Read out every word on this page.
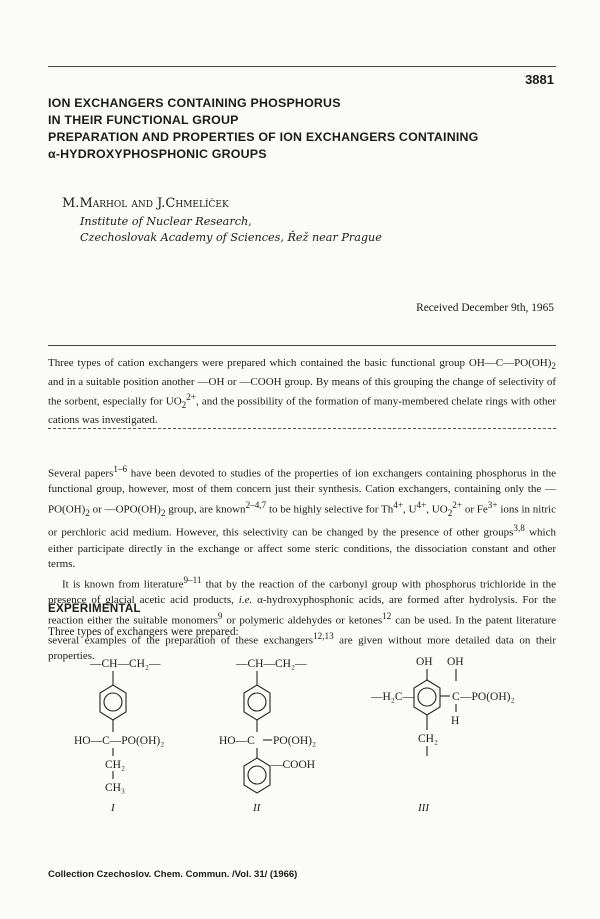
3881
ION EXCHANGERS CONTAINING PHOSPHORUS
IN THEIR FUNCTIONAL GROUP
PREPARATION AND PROPERTIES OF ION EXCHANGERS CONTAINING
α-HYDROXYPHOSPHONIC GROUPS
M.Marhol and J.Chmelíček
Institute of Nuclear Research,
Czechoslovak Academy of Sciences, Řež near Prague
Received December 9th, 1965
Three types of cation exchangers were prepared which contained the basic functional group $OH—C—PO(OH)_2$ and in a suitable position another —OH or —COOH group. By means of this grouping the change of selectivity of the sorbent, especially for $UO_2^{2+}$, and the possibility of the formation of many-membered chelate rings with other cations was investigated.

Several papers$^{1-6}$ have been devoted to studies of the properties of ion exchangers containing phosphorus in the functional group, however, most of them concern just their synthesis. Cation exchangers, containing only the $—PO(OH)_2$ or $—OPO(OH)_2$ group, are known$^{2-4,7}$ to be highly selective for $Th^{4+}$, $U^{4+}$, $UO_2^{2+}$ or $Fe^{3+}$ ions in nitric or perchloric acid medium. However, this selectivity can be changed by the presence of other groups$^{3,8}$ which either participate directly in the exchange or affect some steric conditions, the dissociation constant and other terms.

It is known from literature$^{9-11}$ that by the reaction of the carbonyl group with phosphorus trichloride in the presence of glacial acetic acid products, i.e. α-hydroxyphosphonic acids, are formed after hydrolysis. For the reaction either the suitable monomers$^9$ or polymeric aldehydes or ketones$^{12}$ can be used. In the patent literature several examples of the preparation of these exchangers$^{12,13}$ are given without more detailed data on their properties.

EXPERIMENTAL
Three types of exchangers were prepared:
—CH—CH₂—
HO—C—PO(OH)₂
CH₂
CH₃
I
—CH—CH₂—
HO—C PO(OH)₂
—COOH
II
OH OH
—H₂C—	C —PO(OH)₂
H
CH₂
III
Collection Czechoslov. Chem. Commun. /Vol. 31/ (1966)
